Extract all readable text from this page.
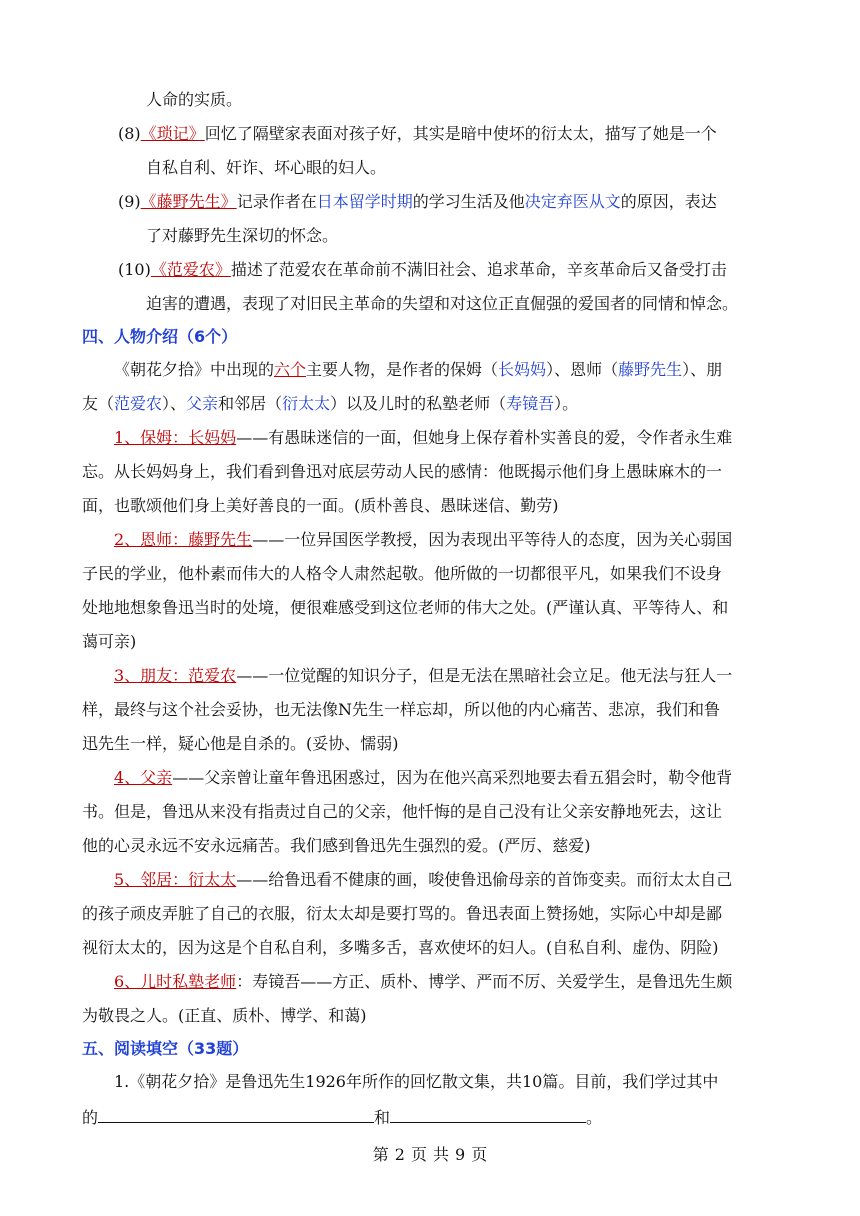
人命的实质。
(8)《琐记》回忆了隔壁家表面对孩子好，其实是暗中使坏的衍太太，描写了她是一个
自私自利、奸诈、坏心眼的妇人。
(9)《藤野先生》记录作者在日本留学时期的学习生活及他决定弃医从文的原因，表达
了对藤野先生深切的怀念。
(10)《范爱农》描述了范爱农在革命前不满旧社会、追求革命，辛亥革命后又备受打击
迫害的遭遇，表现了对旧民主革命的失望和对这位正直倔强的爱国者的同情和悼念。
四、人物介绍（6个）
《朝花夕拾》中出现的六个主要人物，是作者的保姆（长妈妈）、恩师（藤野先生）、朋
友（范爱农）、父亲和邻居（衍太太）以及儿时的私塾老师（寿镜吾）。
1、保姆：长妈妈——有愚昧迷信的一面，但她身上保存着朴实善良的爱，令作者永生难
忘。从长妈妈身上，我们看到鲁迅对底层劳动人民的感情：他既揭示他们身上愚昧麻木的一
面，也歌颂他们身上美好善良的一面。(质朴善良、愚昧迷信、勤劳)
2、恩师：藤野先生——一位异国医学教授，因为表现出平等待人的态度，因为关心弱国
子民的学业，他朴素而伟大的人格令人肃然起敬。他所做的一切都很平凡，如果我们不设身
处地地想象鲁迅当时的处境，便很难感受到这位老师的伟大之处。(严谨认真、平等待人、和
蔼可亲)
3、朋友：范爱农——一位觉醒的知识分子，但是无法在黑暗社会立足。他无法与狂人一
样，最终与这个社会妥协，也无法像N先生一样忘却，所以他的内心痛苦、悲凉，我们和鲁
迅先生一样，疑心他是自杀的。(妥协、懦弱)
4、父亲——父亲曾让童年鲁迅困惑过，因为在他兴高采烈地要去看五猖会时，勒令他背
书。但是，鲁迅从来没有指责过自己的父亲，他忏悔的是自己没有让父亲安静地死去，这让
他的心灵永远不安永远痛苦。我们感到鲁迅先生强烈的爱。(严厉、慈爱)
5、邻居：衍太太——给鲁迅看不健康的画，唆使鲁迅偷母亲的首饰变卖。而衍太太自己
的孩子顽皮弄脏了自己的衣服，衍太太却是要打骂的。鲁迅表面上赞扬她，实际心中却是鄙
视衍太太的，因为这是个自私自利，多嘴多舌，喜欢使坏的妇人。(自私自利、虚伪、阴险)
6、儿时私塾老师：寿镜吾——方正、质朴、博学、严而不厉、关爱学生，是鲁迅先生颇
为敬畏之人。(正直、质朴、博学、和蔼)
五、阅读填空（33题）
1.《朝花夕拾》是鲁迅先生1926年所作的回忆散文集，共10篇。目前，我们学过其中
的	和	。
第 2 页 共 9 页
